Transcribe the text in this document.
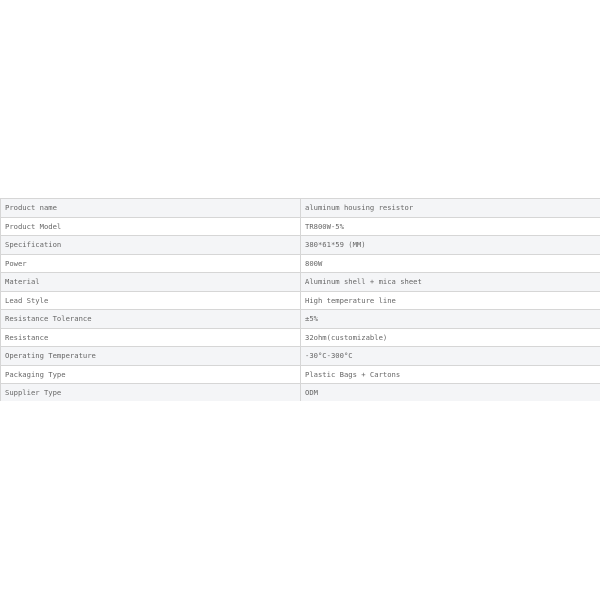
Product name	aluminum housing resistor
Product Model	TR800W-5%
Specification	380*61*59 (MM)
Power	800W
Material	Aluminum shell + mica sheet
Lead Style	High temperature line
Resistance Tolerance	±5%
Resistance	32ohm(customizable)
Operating Temperature	-30°C-300°C
Packaging Type	Plastic Bags + Cartons
Supplier Type	ODM
